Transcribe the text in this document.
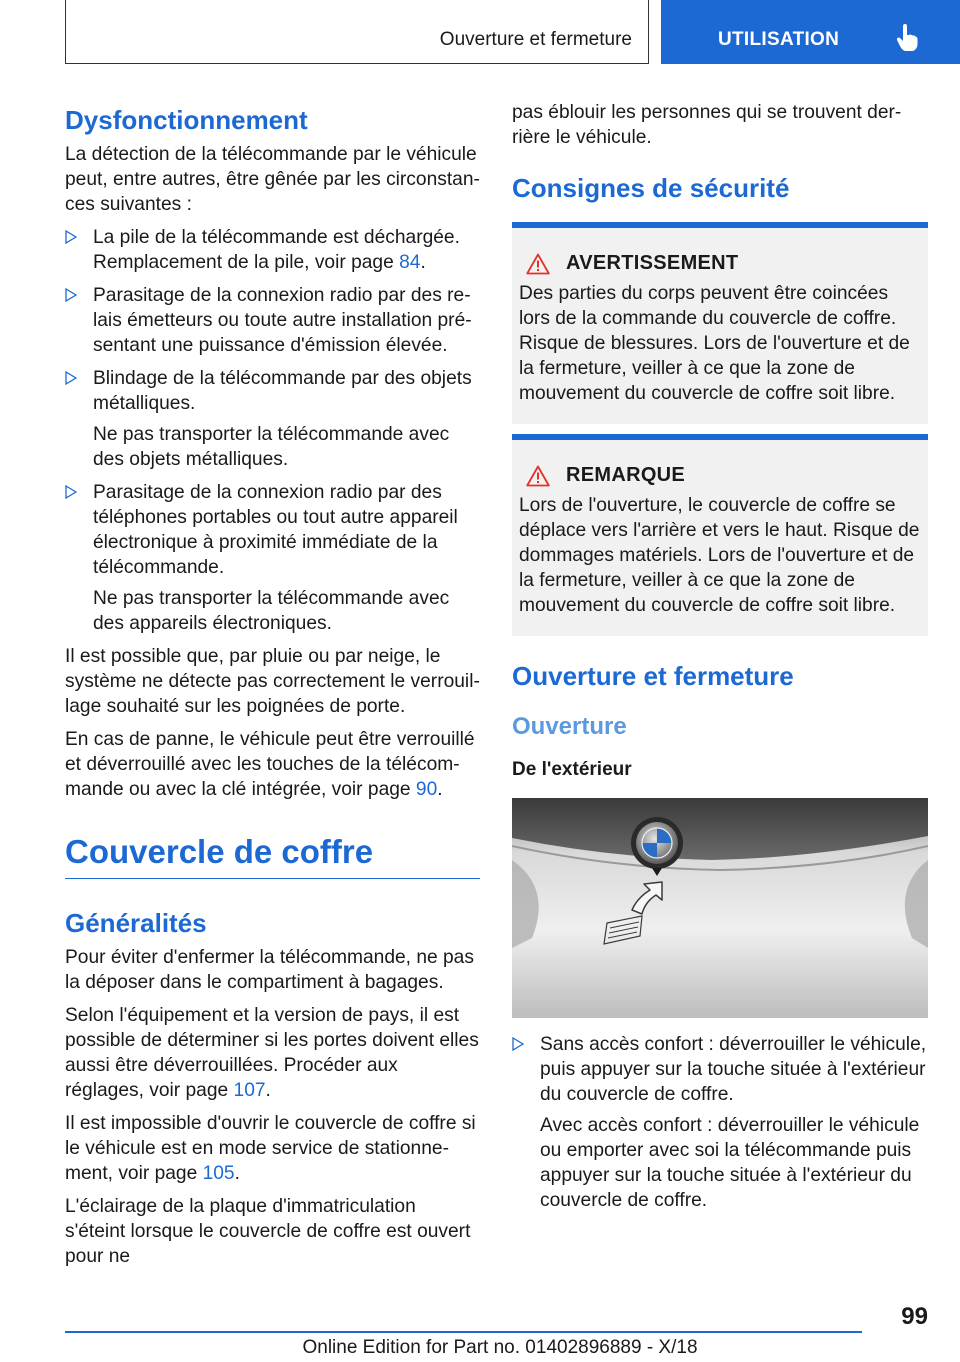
Ouverture et fermeture	UTILISATION
Dysfonctionnement

La détection de la télécommande par le véhicule peut, entre autres, être gênée par les circonstances suivantes :

La pile de la télécommande est déchargée. Remplacement de la pile, voir page 84.
Parasitage de la connexion radio par des relais émetteurs ou toute autre installation présentant une puissance d'émission élevée.
Blindage de la télécommande par des objets métalliques.
Ne pas transporter la télécommande avec des objets métalliques.
Parasitage de la connexion radio par des téléphones portables ou tout autre appareil électronique à proximité immédiate de la télécommande.
Ne pas transporter la télécommande avec des appareils électroniques.

Il est possible que, par pluie ou par neige, le système ne détecte pas correctement le verrouillage souhaité sur les poignées de porte.

En cas de panne, le véhicule peut être verrouillé et déverrouillé avec les touches de la télécommande ou avec la clé intégrée, voir page 90.

Couvercle de coffre
Généralités

Pour éviter d'enfermer la télécommande, ne pas la déposer dans le compartiment à bagages.

Selon l'équipement et la version de pays, il est possible de déterminer si les portes doivent elles aussi être déverrouillées. Procéder aux réglages, voir page 107.

Il est impossible d'ouvrir le couvercle de coffre si le véhicule est en mode service de stationnement, voir page 105.

L'éclairage de la plaque d'immatriculation s'éteint lorsque le couvercle de coffre est ouvert pour ne

pas éblouir les personnes qui se trouvent derrière le véhicule.

Consignes de sécurité
AVERTISSEMENT

Des parties du corps peuvent être coincées lors de la commande du couvercle de coffre. Risque de blessures. Lors de l'ouverture et de la fermeture, veiller à ce que la zone de mouvement du couvercle de coffre soit libre.

REMARQUE

Lors de l'ouverture, le couvercle de coffre se déplace vers l'arrière et vers le haut. Risque de dommages matériels. Lors de l'ouverture et de la fermeture, veiller à ce que la zone de mouvement du couvercle de coffre soit libre.

Ouverture et fermeture
Ouverture
De l'extérieur
Sans accès confort : déverrouiller le véhicule, puis appuyer sur la touche située à l'extérieur du couvercle de coffre.
Avec accès confort : déverrouiller le véhicule ou emporter avec soi la télécommande puis appuyer sur la touche située à l'extérieur du couvercle de coffre.
99
Online Edition for Part no. 01402896889 - X/18
